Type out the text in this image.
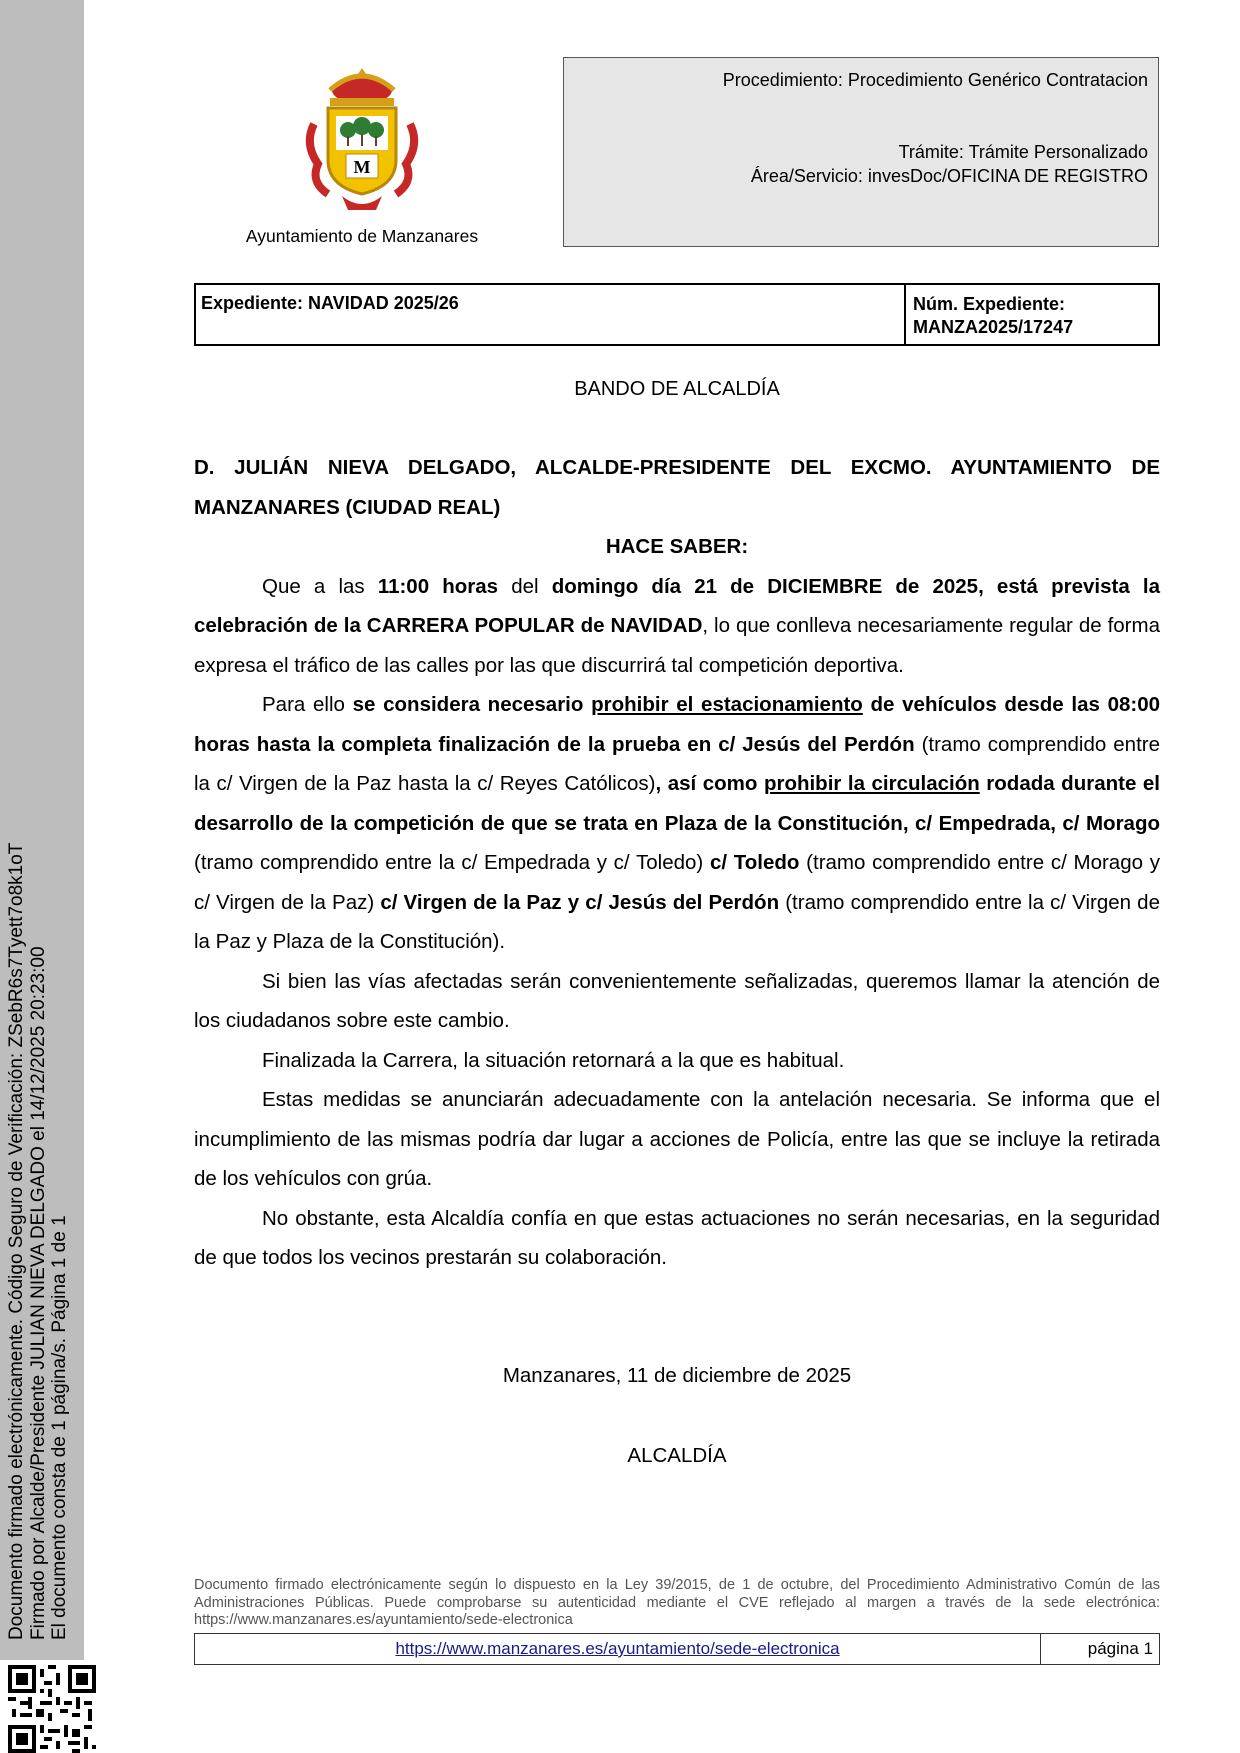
Documento firmado electrónicamente. Código Seguro de Verificación: ZSebR6s7Tyett7o8k1oT Firmado por Alcalde/Presidente JULIAN NIEVA DELGADO el 14/12/2025 20:23:00 El documento consta de 1 página/s. Página 1 de 1
M
Ayuntamiento de Manzanares
Procedimiento: Procedimiento Genérico Contratacion
Trámite: Trámite Personalizado
Área/Servicio: invesDoc/OFICINA DE REGISTRO
Expediente: NAVIDAD 2025/26	Núm. Expediente:
MANZA2025/17247
BANDO DE ALCALDÍA

D. JULIÁN NIEVA DELGADO, ALCALDE-PRESIDENTE DEL EXCMO. AYUNTAMIENTO DE MANZANARES (CIUDAD REAL)

HACE SABER:

Que a las 11:00 horas del domingo día 21 de DICIEMBRE de 2025, está prevista la celebración de la CARRERA POPULAR de NAVIDAD, lo que conlleva necesariamente regular de forma expresa el tráfico de las calles por las que discurrirá tal competición deportiva.

Para ello se considera necesario prohibir el estacionamiento de vehículos desde las 08:00 horas hasta la completa finalización de la prueba en c/ Jesús del Perdón (tramo comprendido entre la c/ Virgen de la Paz hasta la c/ Reyes Católicos), así como prohibir la circulación rodada durante el desarrollo de la competición de que se trata en Plaza de la Constitución, c/ Empedrada, c/ Morago (tramo comprendido entre la c/ Empedrada y c/ Toledo) c/ Toledo (tramo comprendido entre c/ Morago y c/ Virgen de la Paz) c/ Virgen de la Paz y c/ Jesús del Perdón (tramo comprendido entre la c/ Virgen de la Paz y Plaza de la Constitución).

Si bien las vías afectadas serán convenientemente señalizadas, queremos llamar la atención de los ciudadanos sobre este cambio.

Finalizada la Carrera, la situación retornará a la que es habitual.

Estas medidas se anunciarán adecuadamente con la antelación necesaria. Se informa que el incumplimiento de las mismas podría dar lugar a acciones de Policía, entre las que se incluye la retirada de los vehículos con grúa.

No obstante, esta Alcaldía confía en que estas actuaciones no serán necesarias, en la seguridad de que todos los vecinos prestarán su colaboración.

Manzanares, 11 de diciembre de 2025
ALCALDÍA
Documento firmado electrónicamente según lo dispuesto en la Ley 39/2015, de 1 de octubre, del Procedimiento Administrativo Común de las Administraciones Públicas. Puede comprobarse su autenticidad mediante el CVE reflejado al margen a través de la sede electrónica: https://www.manzanares.es/ayuntamiento/sede-electronica
https://www.manzanares.es/ayuntamiento/sede-electronica	página 1
